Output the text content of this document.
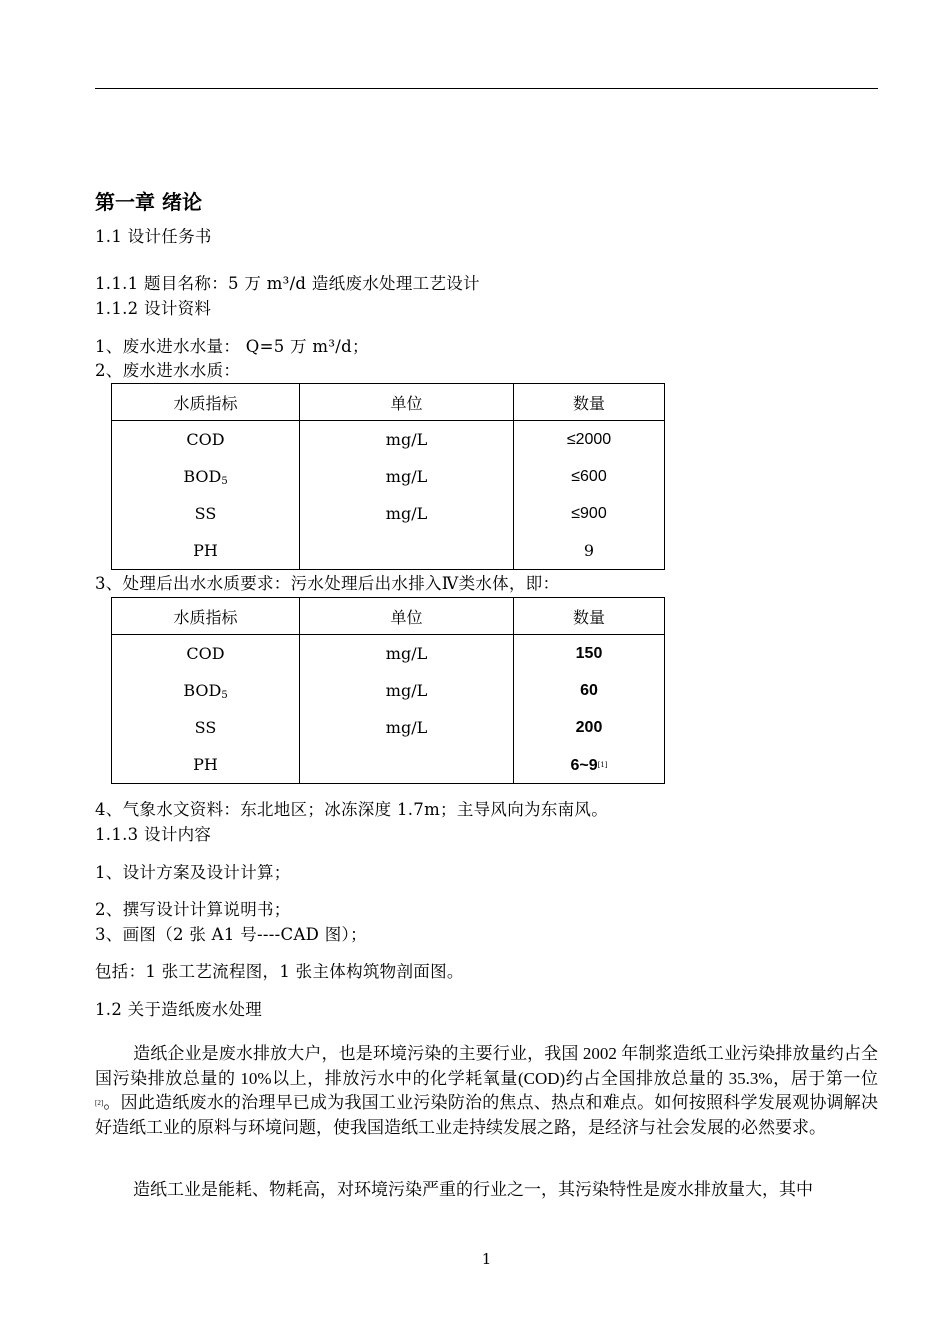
第一章 绪论
1.1 设计任务书
1.1.1 题目名称：5 万 m³/d 造纸废水处理工艺设计
1.1.2 设计资料
1、废水进水水量： Q=5 万 m³/d；
2、废水进水水质：
水质指标	单位	数量
COD	mg/L	≤2000
$BOD_5$	mg/L	≤600
SS	mg/L	≤900
PH		9
3、处理后出水水质要求：污水处理后出水排入Ⅳ类水体，即：
水质指标	单位	数量
COD	mg/L	150
$BOD_5$	mg/L	60
SS	mg/L	200
PH		6~9[1]
4、气象水文资料：东北地区；冰冻深度 1.7m；主导风向为东南风。
1.1.3 设计内容
1、设计方案及设计计算；
2、撰写设计计算说明书；
3、画图（2 张 A1 号----CAD 图）；
包括：1 张工艺流程图，1 张主体构筑物剖面图。
1.2 关于造纸废水处理
造纸企业是废水排放大户，也是环境污染的主要行业，我国 2002 年制浆造纸工业污染排放量约占全国污染排放总量的 10%以上，排放污水中的化学耗氧量(COD)约占全国排放总量的 35.3%，居于第一位[2]。因此造纸废水的治理早已成为我国工业污染防治的焦点、热点和难点。如何按照科学发展观协调解决好造纸工业的原料与环境问题，使我国造纸工业走持续发展之路，是经济与社会发展的必然要求。
造纸工业是能耗、物耗高，对环境污染严重的行业之一，其污染特性是废水排放量大，其中
1
